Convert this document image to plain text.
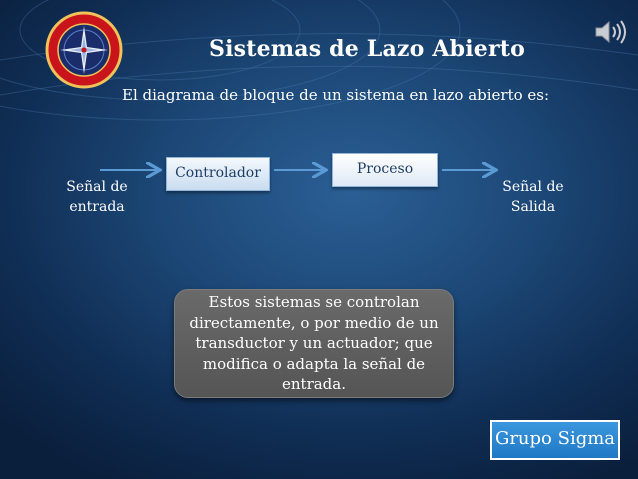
Sistemas de Lazo Abierto
El diagrama de bloque de un sistema en lazo abierto es:
Señal de
entrada
Controlador	Proceso
Señal de
Salida
Estos sistemas se controlan directamente, o por medio de un transductor y un actuador; que modifica o adapta la señal de entrada.
Grupo Sigma
